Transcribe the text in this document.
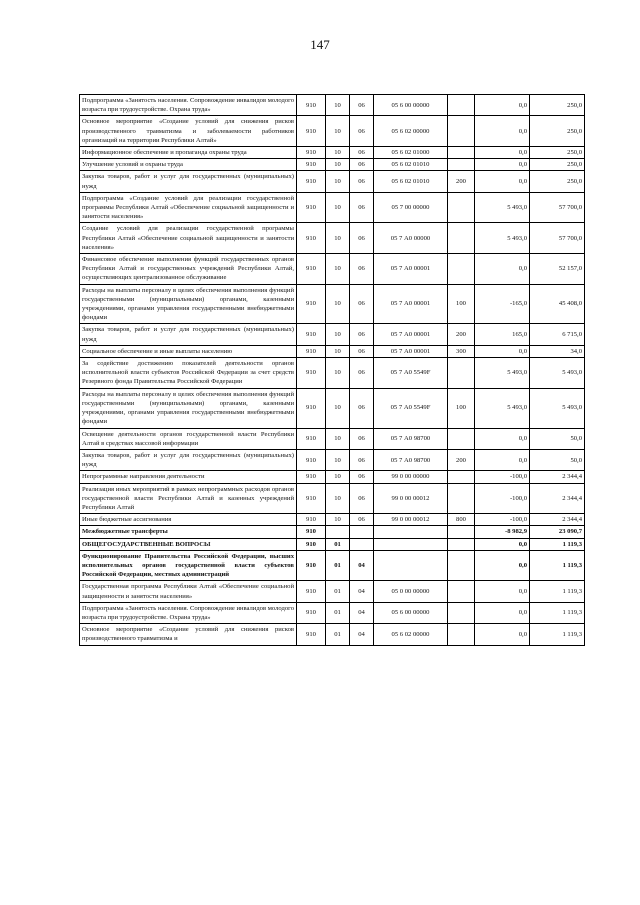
147
Подпрограмма «Занятость населения. Сопровождение инвалидов молодого возраста при трудоустройстве. Охрана труда»	910	10	06	05 6 00 00000		0,0	250,0
Основное мероприятие «Создание условий для снижения рисков производственного травматизма и заболеваемости работников организаций на территории Республики Алтай»	910	10	06	05 6 02 00000		0,0	250,0
Информационное обеспечение и пропаганда охраны труда	910	10	06	05 6 02 01000		0,0	250,0
Улучшение условий и охраны труда	910	10	06	05 6 02 01010		0,0	250,0
Закупка товаров, работ и услуг для государственных (муниципальных) нужд	910	10	06	05 6 02 01010	200	0,0	250,0
Подпрограмма «Создание условий для реализации государственной программы Республики Алтай «Обеспечение социальной защищенности и занятости населения»	910	10	06	05 7 00 00000		5 493,0	57 700,0
Создание условий для реализации государственной программы Республики Алтай «Обеспечение социальной защищенности и занятости населения»	910	10	06	05 7 А0 00000		5 493,0	57 700,0
Финансовое обеспечение выполнения функций государственных органов Республики Алтай и государственных учреждений Республики Алтай, осуществляющих централизованное обслуживание	910	10	06	05 7 А0 00001		0,0	52 157,0
Расходы на выплаты персоналу в целях обеспечения выполнения функций государственными (муниципальными) органами, казенными учреждениями, органами управления государственными внебюджетными фондами	910	10	06	05 7 А0 00001	100	-165,0	45 408,0
Закупка товаров, работ и услуг для государственных (муниципальных) нужд	910	10	06	05 7 А0 00001	200	165,0	6 715,0
Социальное обеспечение и иные выплаты населению	910	10	06	05 7 А0 00001	300	0,0	34,0
За содействие достижению показателей деятельности органов исполнительной власти субъектов Российской Федерации за счет средств Резервного фонда Правительства Российской Федерации	910	10	06	05 7 А0 5549F		5 493,0	5 493,0
Расходы на выплаты персоналу в целях обеспечения выполнения функций государственными (муниципальными) органами, казенными учреждениями, органами управления государственными внебюджетными фондами	910	10	06	05 7 А0 5549F	100	5 493,0	5 493,0
Освещение деятельности органов государственной власти Республики Алтай в средствах массовой информации	910	10	06	05 7 А0 98700		0,0	50,0
Закупка товаров, работ и услуг для государственных (муниципальных) нужд	910	10	06	05 7 А0 98700	200	0,0	50,0
Непрограммные направления деятельности	910	10	06	99 0 00 00000		-100,0	2 344,4
Реализация иных мероприятий в рамках непрограммных расходов органов государственной власти Республики Алтай и казенных учреждений Республики Алтай	910	10	06	99 0 00 00012		-100,0	2 344,4
Иные бюджетные ассигнования	910	10	06	99 0 00 00012	800	-100,0	2 344,4
Межбюджетные трансферты	910					-8 982,9	23 090,7
ОБЩЕГОСУДАРСТВЕННЫЕ ВОПРОСЫ	910	01				0,0	1 119,3
Функционирование Правительства Российской Федерации, высших исполнительных органов государственной власти субъектов Российской Федерации, местных администраций	910	01	04			0,0	1 119,3
Государственная программа Республики Алтай «Обеспечение социальной защищенности и занятости населения»	910	01	04	05 0 00 00000		0,0	1 119,3
Подпрограмма «Занятость населения. Сопровождение инвалидов молодого возраста при трудоустройстве. Охрана труда»	910	01	04	05 6 00 00000		0,0	1 119,3
Основное мероприятие «Создание условий для снижения рисков производственного травматизма и	910	01	04	05 6 02 00000		0,0	1 119,3
